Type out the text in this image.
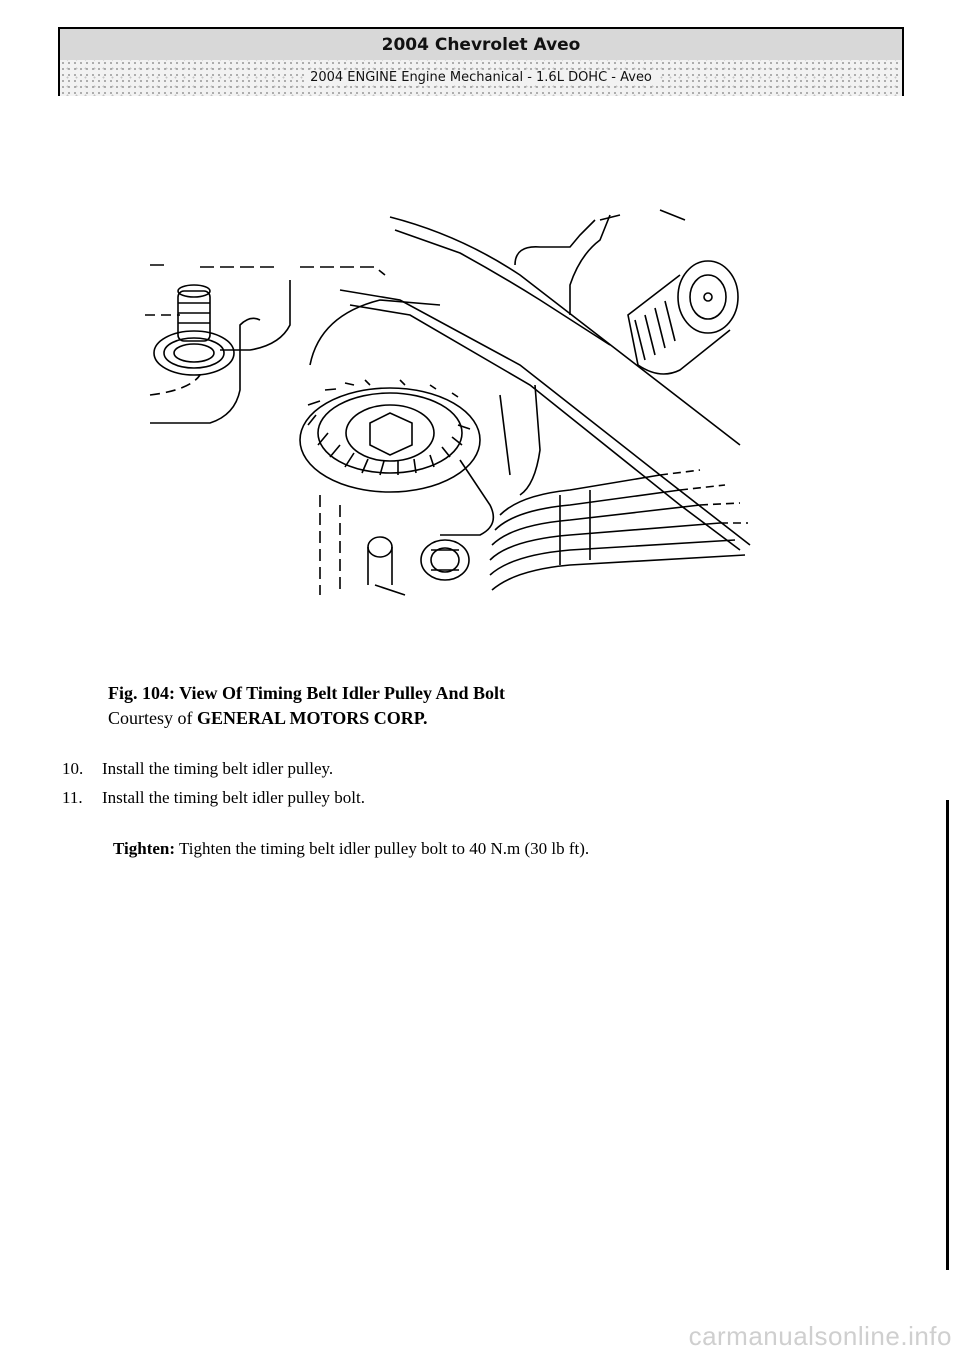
2004 Chevrolet Aveo
2004 ENGINE Engine Mechanical - 1.6L DOHC - Aveo
Fig. 104: View Of Timing Belt Idler Pulley And Bolt
Courtesy of GENERAL MOTORS CORP.
10. Install the timing belt idler pulley.
11. Install the timing belt idler pulley bolt.
Tighten: Tighten the timing belt idler pulley bolt to 40 N.m (30 lb ft).
carmanualsonline.info
